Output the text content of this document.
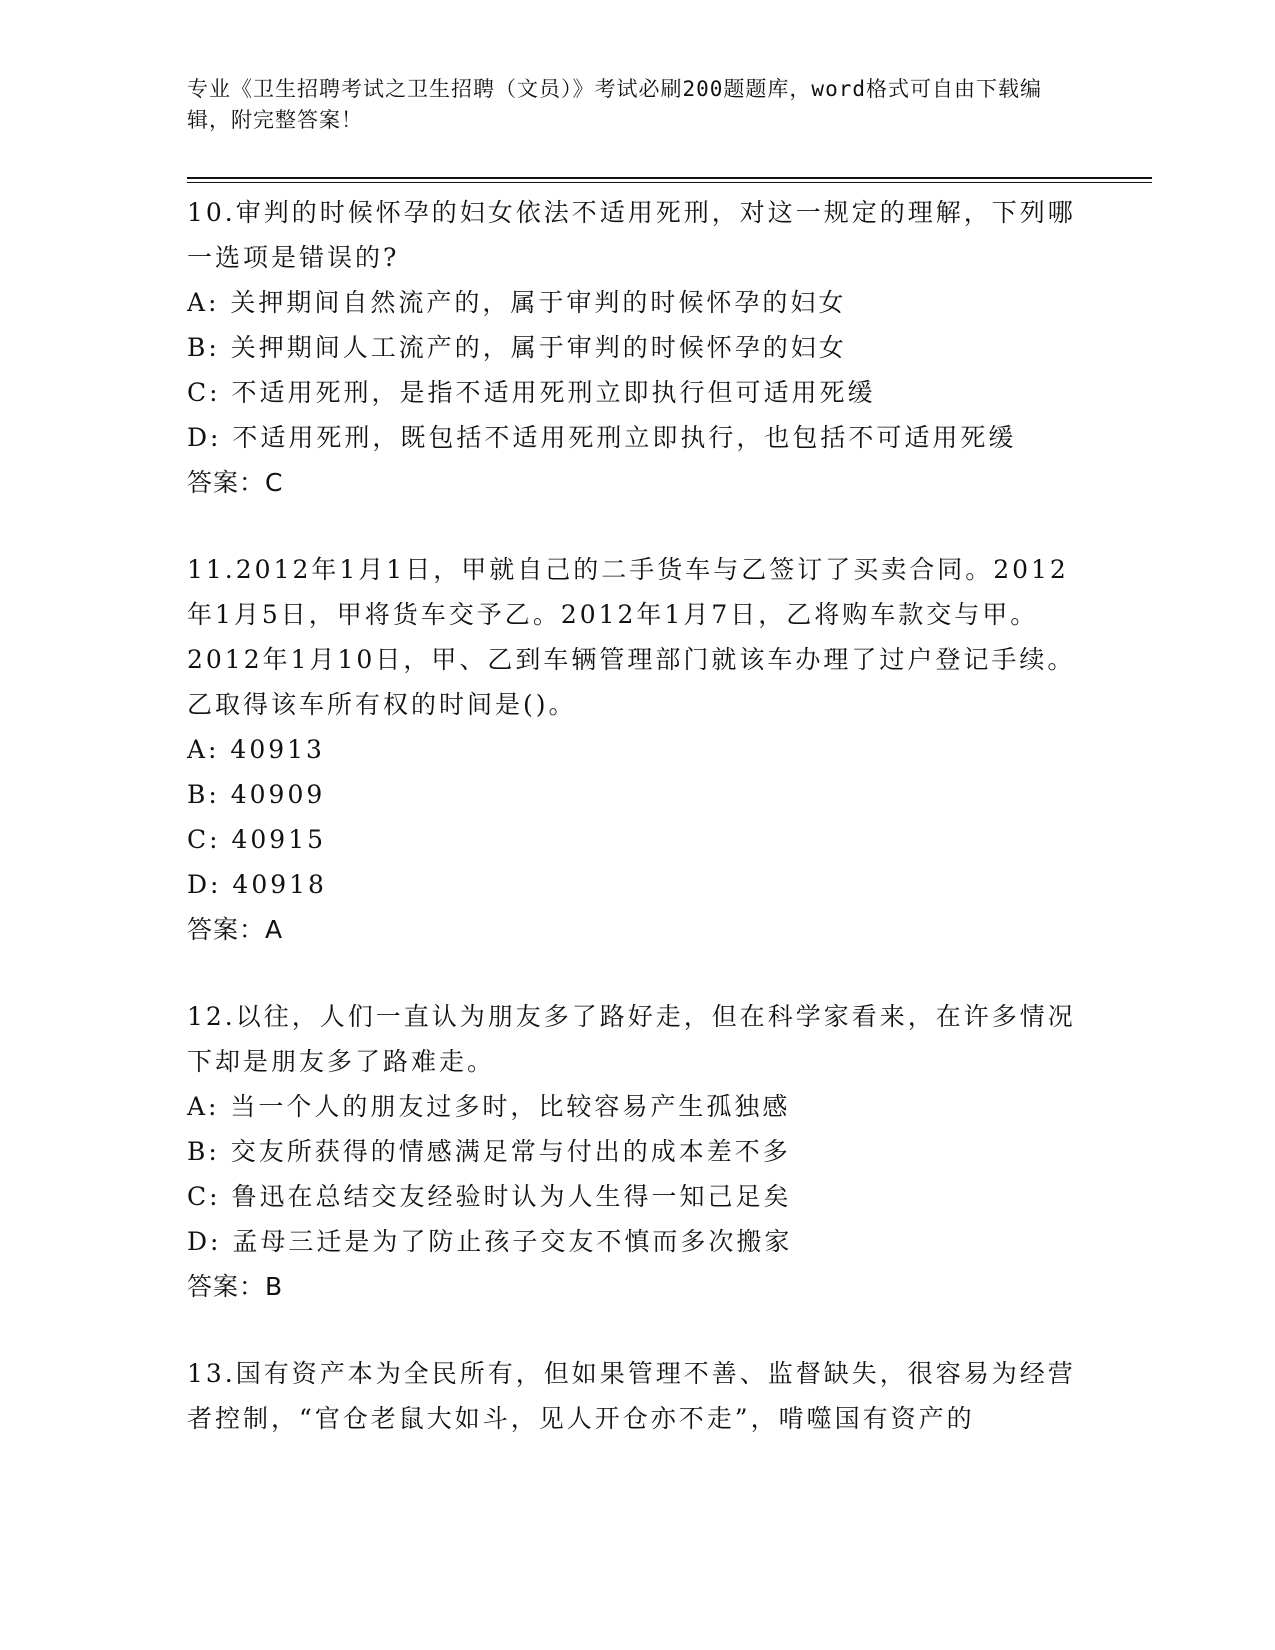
专业《卫生招聘考试之卫生招聘（文员）》考试必刷200题题库，word格式可自由下载编辑，附完整答案！
10.审判的时候怀孕的妇女依法不适用死刑，对这一规定的理解，下列哪一选项是错误的?
A: 关押期间自然流产的，属于审判的时候怀孕的妇女
B: 关押期间人工流产的，属于审判的时候怀孕的妇女
C: 不适用死刑，是指不适用死刑立即执行但可适用死缓
D: 不适用死刑，既包括不适用死刑立即执行，也包括不可适用死缓
答案：C
11.2012年1月1日，甲就自己的二手货车与乙签订了买卖合同。2012年1月5日，甲将货车交予乙。2012年1月7日，乙将购车款交与甲。2012年1月10日，甲、乙到车辆管理部门就该车办理了过户登记手续。乙取得该车所有权的时间是()。
A: 40913
B: 40909
C: 40915
D: 40918
答案：A
12.以往，人们一直认为朋友多了路好走，但在科学家看来，在许多情况下却是朋友多了路难走。
A: 当一个人的朋友过多时，比较容易产生孤独感
B: 交友所获得的情感满足常与付出的成本差不多
C: 鲁迅在总结交友经验时认为人生得一知己足矣
D: 孟母三迁是为了防止孩子交友不慎而多次搬家
答案：B
13.国有资产本为全民所有，但如果管理不善、监督缺失，很容易为经营者控制，“官仓老鼠大如斗，见人开仓亦不走”，啃噬国有资产的
